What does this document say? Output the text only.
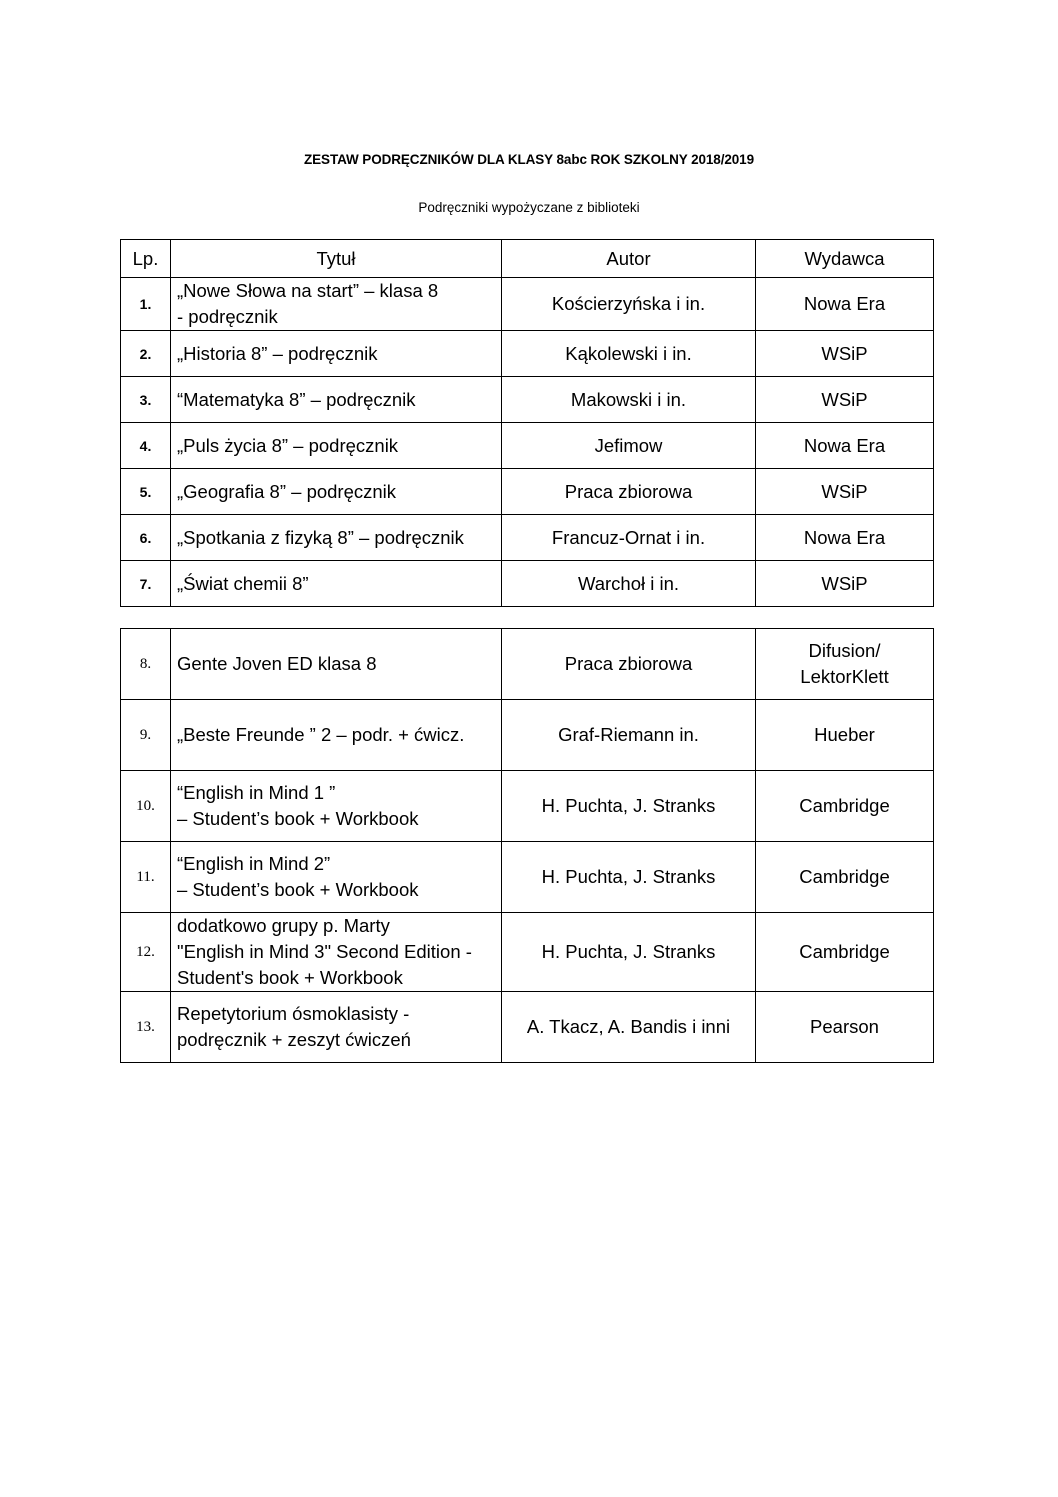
ZESTAW PODRĘCZNIKÓW DLA KLASY 8abc ROK SZKOLNY 2018/2019
Podręczniki wypożyczane z biblioteki
Lp.	Tytuł	Autor	Wydawca
1.	„Nowe Słowa na start” – klasa 8
- podręcznik	Kościerzyńska i in.	Nowa Era
2.	„Historia 8” – podręcznik	Kąkolewski i in.	WSiP
3.	“Matematyka 8” – podręcznik	Makowski i in.	WSiP
4.	„Puls życia 8” – podręcznik	Jefimow	Nowa Era
5.	„Geografia 8” – podręcznik	Praca zbiorowa	WSiP
6.	„Spotkania z fizyką 8” – podręcznik	Francuz-Ornat i in.	Nowa Era
7.	„Świat chemii 8”	Warchoł i in.	WSiP
8.	Gente Joven ED klasa 8	Praca zbiorowa	Difusion/
LektorKlett
9.	„Beste Freunde ” 2 – podr. + ćwicz.	Graf-Riemann in.	Hueber
10.	“English in Mind 1 ”
– Student’s book + Workbook	H. Puchta, J. Stranks	Cambridge
11.	“English in Mind 2”
– Student’s book + Workbook	H. Puchta, J. Stranks	Cambridge
12.	dodatkowo grupy p. Marty
"English in Mind 3" Second Edition -
Student's book + Workbook	H. Puchta, J. Stranks	Cambridge
13.	Repetytorium ósmoklasisty -
podręcznik + zeszyt ćwiczeń	A. Tkacz, A. Bandis i inni	Pearson
